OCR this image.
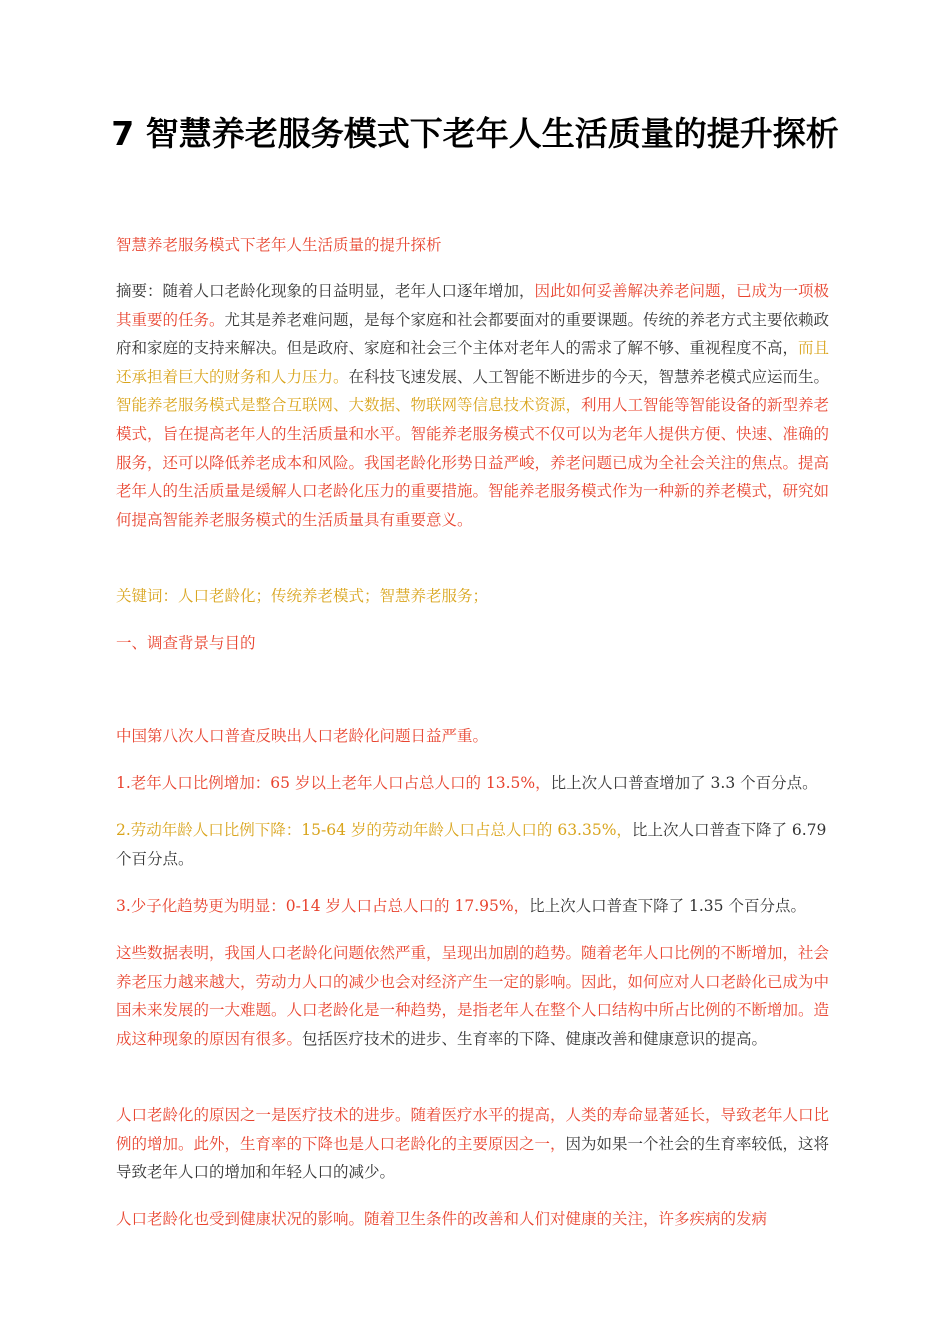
7 智慧养老服务模式下老年人生活质量的提升探析

智慧养老服务模式下老年人生活质量的提升探析

摘要：随着人口老龄化现象的日益明显，老年人口逐年增加，因此如何妥善解决养老问题，已成为一项极其重要的任务。尤其是养老难问题，是每个家庭和社会都要面对的重要课题。传统的养老方式主要依赖政府和家庭的支持来解决。但是政府、家庭和社会三个主体对老年人的需求了解不够、重视程度不高，而且还承担着巨大的财务和人力压力。在科技飞速发展、人工智能不断进步的今天，智慧养老模式应运而生。智能养老服务模式是整合互联网、大数据、物联网等信息技术资源，利用人工智能等智能设备的新型养老模式，旨在提高老年人的生活质量和水平。智能养老服务模式不仅可以为老年人提供方便、快速、准确的服务，还可以降低养老成本和风险。我国老龄化形势日益严峻，养老问题已成为全社会关注的焦点。提高老年人的生活质量是缓解人口老龄化压力的重要措施。智能养老服务模式作为一种新的养老模式，研究如何提高智能养老服务模式的生活质量具有重要意义。

关键词：人口老龄化；传统养老模式；智慧养老服务；

一、调查背景与目的

中国第八次人口普查反映出人口老龄化问题日益严重。

1.老年人口比例增加：65 岁以上老年人口占总人口的 13.5%，比上次人口普查增加了 3.3 个百分点。

2.劳动年龄人口比例下降：15-64 岁的劳动年龄人口占总人口的 63.35%，比上次人口普查下降了 6.79 个百分点。

3.少子化趋势更为明显：0-14 岁人口占总人口的 17.95%，比上次人口普查下降了 1.35 个百分点。

这些数据表明，我国人口老龄化问题依然严重，呈现出加剧的趋势。随着老年人口比例的不断增加，社会养老压力越来越大，劳动力人口的减少也会对经济产生一定的影响。因此，如何应对人口老龄化已成为中国未来发展的一大难题。人口老龄化是一种趋势，是指老年人在整个人口结构中所占比例的不断增加。造成这种现象的原因有很多。包括医疗技术的进步、生育率的下降、健康改善和健康意识的提高。

人口老龄化的原因之一是医疗技术的进步。随着医疗水平的提高，人类的寿命显著延长，导致老年人口比例的增加。此外，生育率的下降也是人口老龄化的主要原因之一，因为如果一个社会的生育率较低，这将导致老年人口的增加和年轻人口的减少。

人口老龄化也受到健康状况的影响。随着卫生条件的改善和人们对健康的关注，许多疾病的发病
